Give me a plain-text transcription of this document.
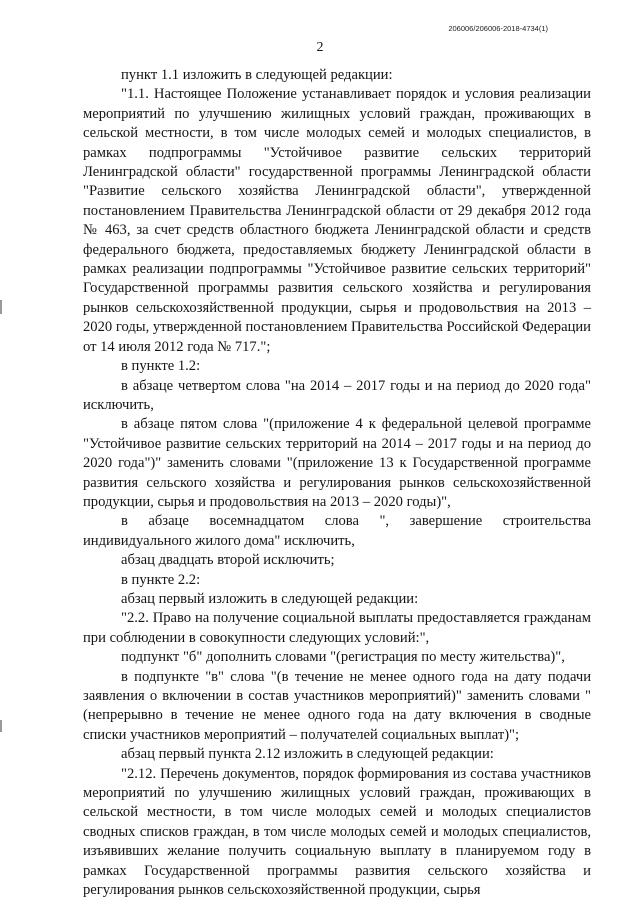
206006/206006-2018-4734(1)
2

пункт 1.1 изложить в следующей редакции:

"1.1. Настоящее Положение устанавливает порядок и условия реализации мероприятий по улучшению жилищных условий граждан, проживающих в сельской местности, в том числе молодых семей и молодых специалистов, в рамках подпрограммы "Устойчивое развитие сельских территорий Ленинградской области" государственной программы Ленинградской области "Развитие сельского хозяйства Ленинградской области", утвержденной постановлением Правительства Ленинградской области от 29 декабря 2012 года № 463, за счет средств областного бюджета Ленинградской области и средств федерального бюджета, предоставляемых бюджету Ленинградской области в рамках реализации подпрограммы "Устойчивое развитие сельских территорий" Государственной программы развития сельского хозяйства и регулирования рынков сельскохозяйственной продукции, сырья и продовольствия на 2013 – 2020 годы, утвержденной постановлением Правительства Российской Федерации от 14 июля 2012 года № 717.";

в пункте 1.2:

в абзаце четвертом слова "на 2014 – 2017 годы и на период до 2020 года" исключить,

в абзаце пятом слова "(приложение 4 к федеральной целевой программе "Устойчивое развитие сельских территорий на 2014 – 2017 годы и на период до 2020 года")" заменить словами "(приложение 13 к Государственной программе развития сельского хозяйства и регулирования рынков сельскохозяйственной продукции, сырья и продовольствия на 2013 – 2020 годы)",

в абзаце восемнадцатом слова ", завершение строительства индивидуального жилого дома" исключить,

абзац двадцать второй исключить;

в пункте 2.2:

абзац первый изложить в следующей редакции:

"2.2. Право на получение социальной выплаты предоставляется гражданам при соблюдении в совокупности следующих условий:",

подпункт "б" дополнить словами "(регистрация по месту жительства)",

в подпункте "в" слова "(в течение не менее одного года на дату подачи заявления о включении в состав участников мероприятий)" заменить словами "(непрерывно в течение не менее одного года на дату включения в сводные списки участников мероприятий – получателей социальных выплат)";

абзац первый пункта 2.12 изложить в следующей редакции:

"2.12. Перечень документов, порядок формирования из состава участников мероприятий по улучшению жилищных условий граждан, проживающих в сельской местности, в том числе молодых семей и молодых специалистов сводных списков граждан, в том числе молодых семей и молодых специалистов, изъявивших желание получить социальную выплату в планируемом году в рамках Государственной программы развития сельского хозяйства и регулирования рынков сельскохозяйственной продукции, сырья
